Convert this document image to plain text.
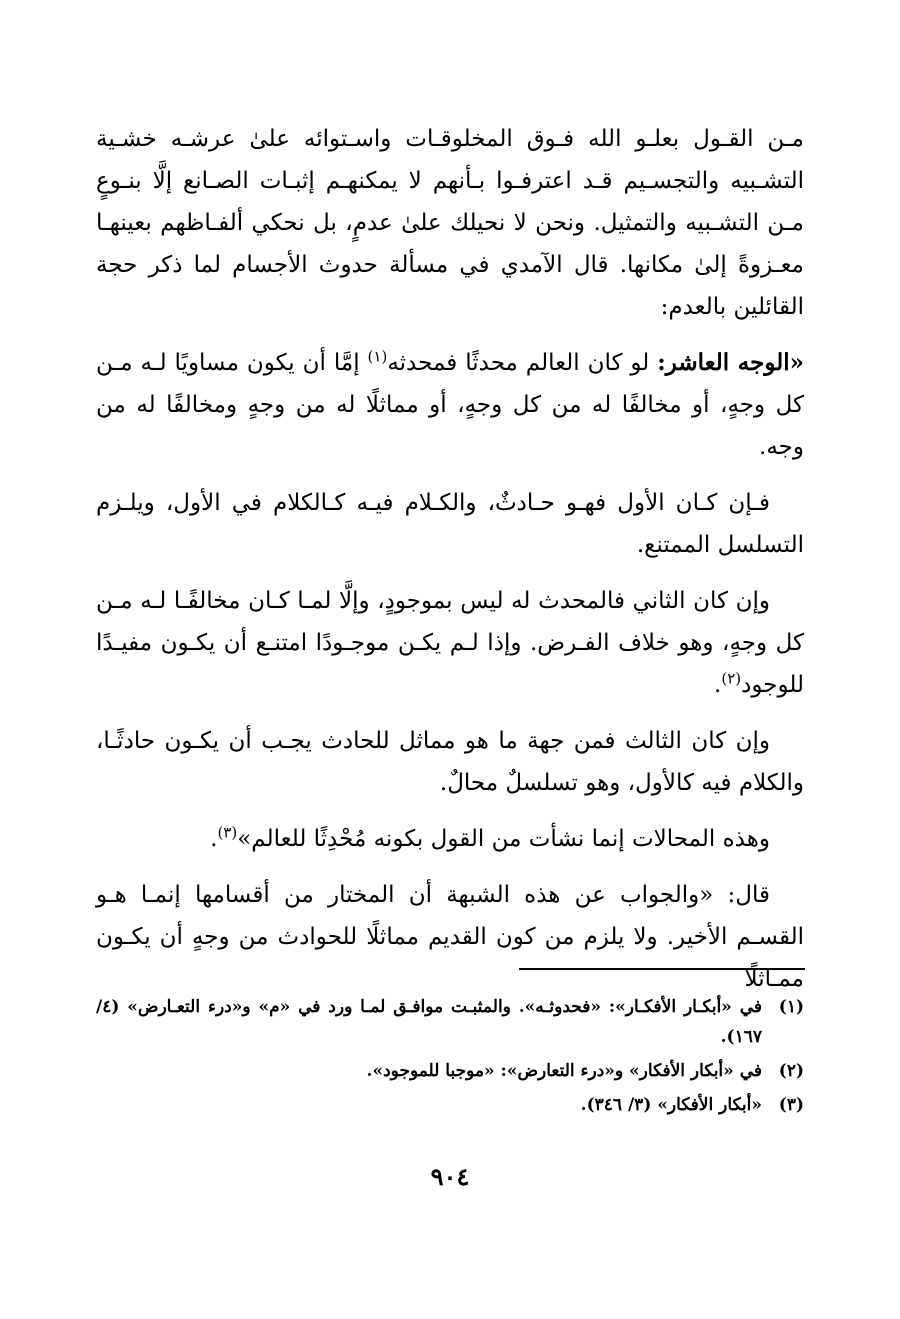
مـن القـول بعلـو الله فـوق المخلوقـات واسـتوائه علىٰ عرشـه خشـية التشـبيه والتجسـيم قـد اعترفـوا بـأنهم لا يمكنهـم إثبـات الصـانع إلَّا بنـوعٍ مـن التشـبيه والتمثيل. ونحن لا نحيلك علىٰ عدمٍ، بل نحكي ألفـاظهم بعينهـا معـزوةً إلىٰ مكانها. قال الآمدي في مسألة حدوث الأجسام لما ذكر حجة القائلين بالعدم:

«الوجه العاشر: لو كان العالم محدثًا فمحدثه$^{(١)}$ إمَّا أن يكون مساويًا لـه مـن كل وجهٍ، أو مخالفًا له من كل وجهٍ، أو مماثلًا له من وجهٍ ومخالفًا له من وجه.

فـإن كـان الأول فهـو حـادثٌ، والكـلام فيـه كـالكلام في الأول، ويلـزم التسلسل الممتنع.

وإن كان الثاني فالمحدث له ليس بموجودٍ، وإلَّا لمـا كـان مخالفًـا لـه مـن كل وجهٍ، وهو خلاف الفـرض. وإذا لـم يكـن موجـودًا امتنـع أن يكـون مفيـدًا للوجود$^{(٢)}$.

وإن كان الثالث فمن جهة ما هو مماثل للحادث يجـب أن يكـون حادثًـا، والكلام فيه كالأول، وهو تسلسلٌ محالٌ.

وهذه المحالات إنما نشأت من القول بكونه مُحْدِثًا للعالم»$^{(٣)}$.

قال: «والجواب عن هذه الشبهة أن المختار من أقسامها إنمـا هـو القسـم الأخير. ولا يلزم من كون القديم مماثلًا للحوادث من وجهٍ أن يكـون ممـاثلًا

(١)
في «أبكـار الأفكـار»: «فحدوثـه». والمثبـت موافـق لمـا ورد في «م» و«درء التعـارض» (٤/ ١٦٧).
(٢)
في «أبكار الأفكار» و«درء التعارض»: «موجبا للموجود».
(٣)
«أبكار الأفكار» (٣/ ٣٤٦).
٩٠٤
